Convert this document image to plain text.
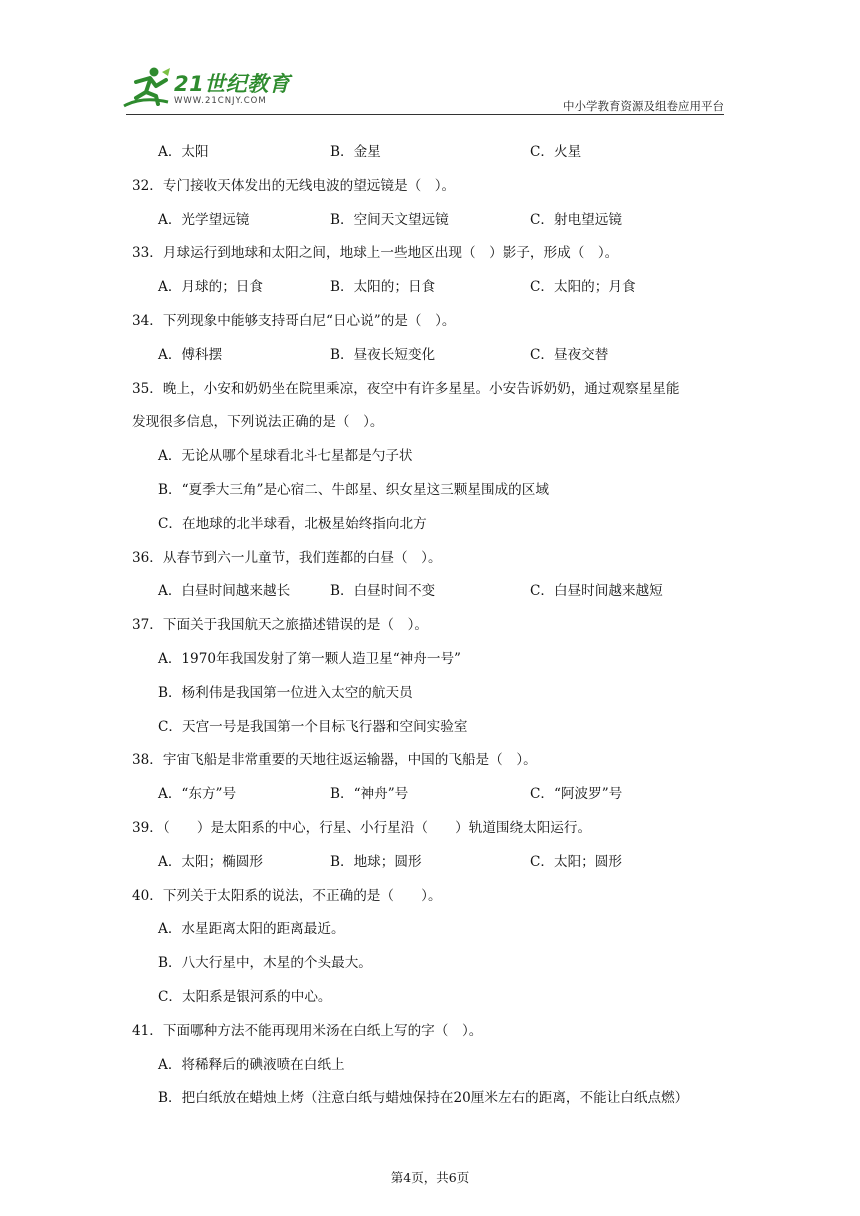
21世纪教育
WWW.21CNJY.COM	中小学教育资源及组卷应用平台
A．太阳	B．金星	C．火星
32．专门接收天体发出的无线电波的望远镜是（　）。
A．光学望远镜	B．空间天文望远镜	C．射电望远镜
33．月球运行到地球和太阳之间，地球上一些地区出现（　）影子，形成（　）。
A．月球的；日食	B．太阳的；日食	C．太阳的；月食
34．下列现象中能够支持哥白尼“日心说”的是（　）。
A．傅科摆	B．昼夜长短变化	C．昼夜交替
35．晚上，小安和奶奶坐在院里乘凉，夜空中有许多星星。小安告诉奶奶，通过观察星星能
发现很多信息，下列说法正确的是（　）。
A．无论从哪个星球看北斗七星都是勺子状
B．“夏季大三角”是心宿二、牛郎星、织女星这三颗星围成的区域
C．在地球的北半球看，北极星始终指向北方
36．从春节到六一儿童节，我们莲都的白昼（　）。
A．白昼时间越来越长	B．白昼时间不变	C．白昼时间越来越短
37．下面关于我国航天之旅描述错误的是（　）。
A．1970年我国发射了第一颗人造卫星“神舟一号”
B．杨利伟是我国第一位进入太空的航天员
C．天宫一号是我国第一个目标飞行器和空间实验室
38．宇宙飞船是非常重要的天地往返运输器，中国的飞船是（　）。
A．“东方”号	B．“神舟”号	C．“阿波罗”号
39．（　　）是太阳系的中心，行星、小行星沿（　　）轨道围绕太阳运行。
A．太阳；椭圆形	B．地球；圆形	C．太阳；圆形
40．下列关于太阳系的说法，不正确的是（　　）。
A．水星距离太阳的距离最近。
B．八大行星中，木星的个头最大。
C．太阳系是银河系的中心。
41．下面哪种方法不能再现用米汤在白纸上写的字（　）。
A．将稀释后的碘液喷在白纸上
B．把白纸放在蜡烛上烤（注意白纸与蜡烛保持在20厘米左右的距离，不能让白纸点燃）
第4页，共6页
